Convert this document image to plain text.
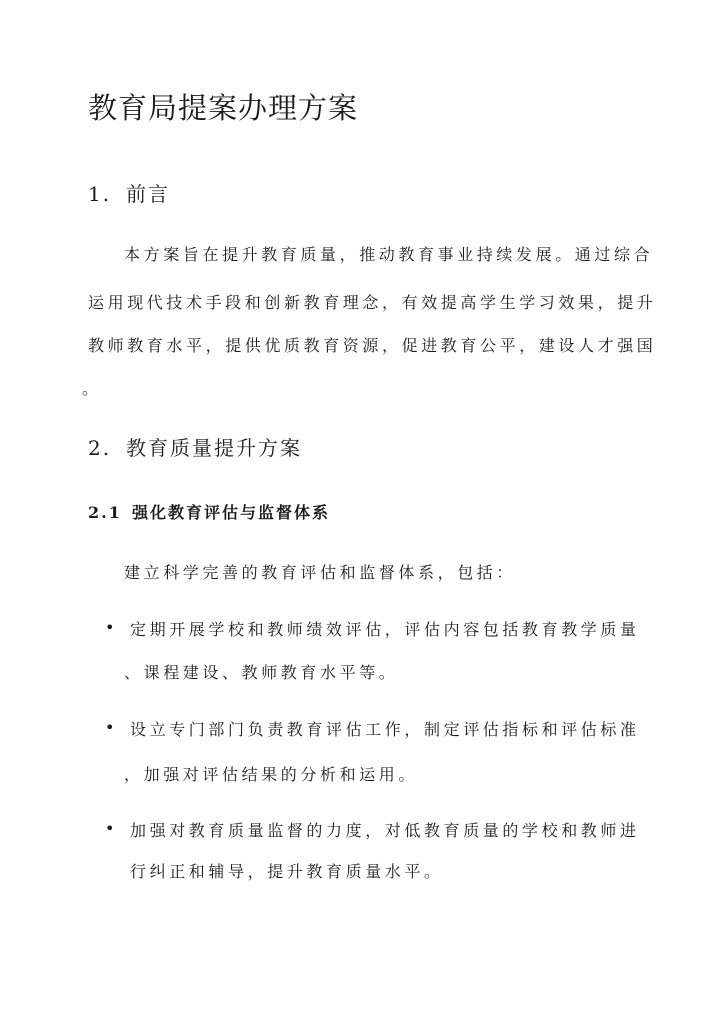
教育局提案办理方案
1. 前言

本方案旨在提升教育质量，推动教育事业持续发展。通过综合

运用现代技术手段和创新教育理念，有效提高学生学习效果，提升

教师教育水平，提供优质教育资源，促进教育公平，建设人才强国

。

2. 教育质量提升方案
2.1 强化教育评估与监督体系

建立科学完善的教育评估和监督体系，包括：

• 定期开展学校和教师绩效评估，评估内容包括教育教学质量

、课程建设、教师教育水平等。

• 设立专门部门负责教育评估工作，制定评估指标和评估标准

，加强对评估结果的分析和运用。

• 加强对教育质量监督的力度，对低教育质量的学校和教师进

行纠正和辅导，提升教育质量水平。
